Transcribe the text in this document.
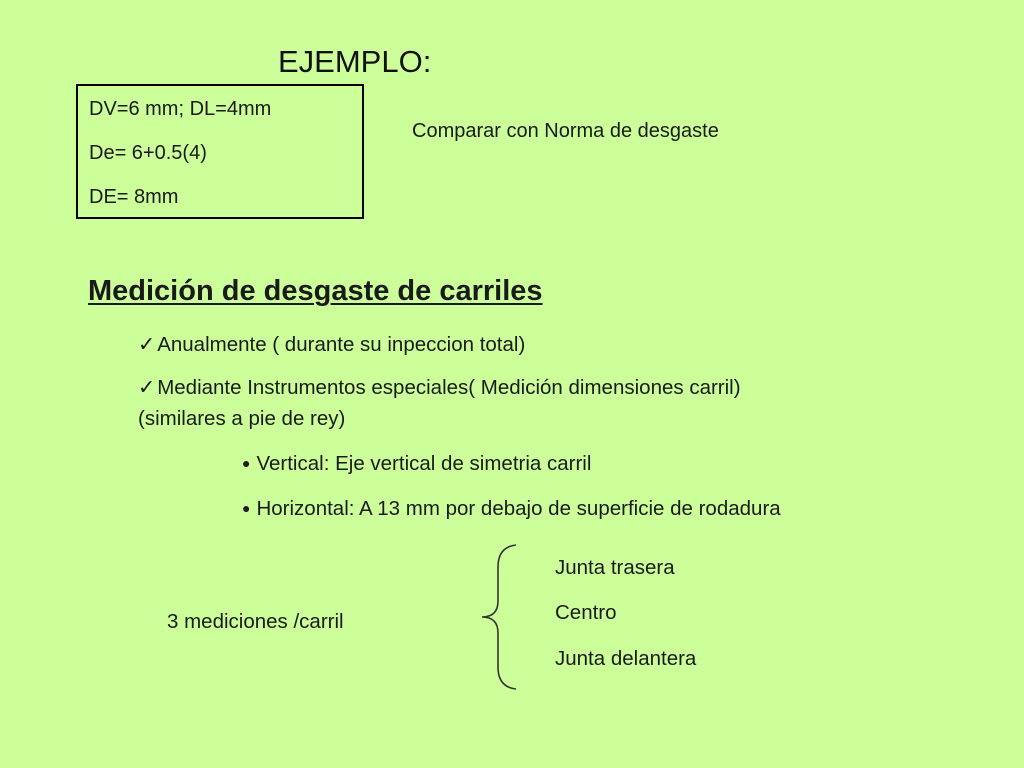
EJEMPLO:
DV=6 mm; DL=4mm
De= 6+0.5(4)
DE= 8mm
Comparar con Norma de desgaste
Medición de desgaste de carriles
✓Anualmente ( durante su inpeccion total)
✓Mediante Instrumentos especiales( Medición dimensiones carril)
(similares a pie de rey)
● Vertical: Eje vertical de simetria carril
● Horizontal: A 13 mm por debajo de superficie de rodadura
3 mediciones /carril
Junta trasera
Centro
Junta delantera
